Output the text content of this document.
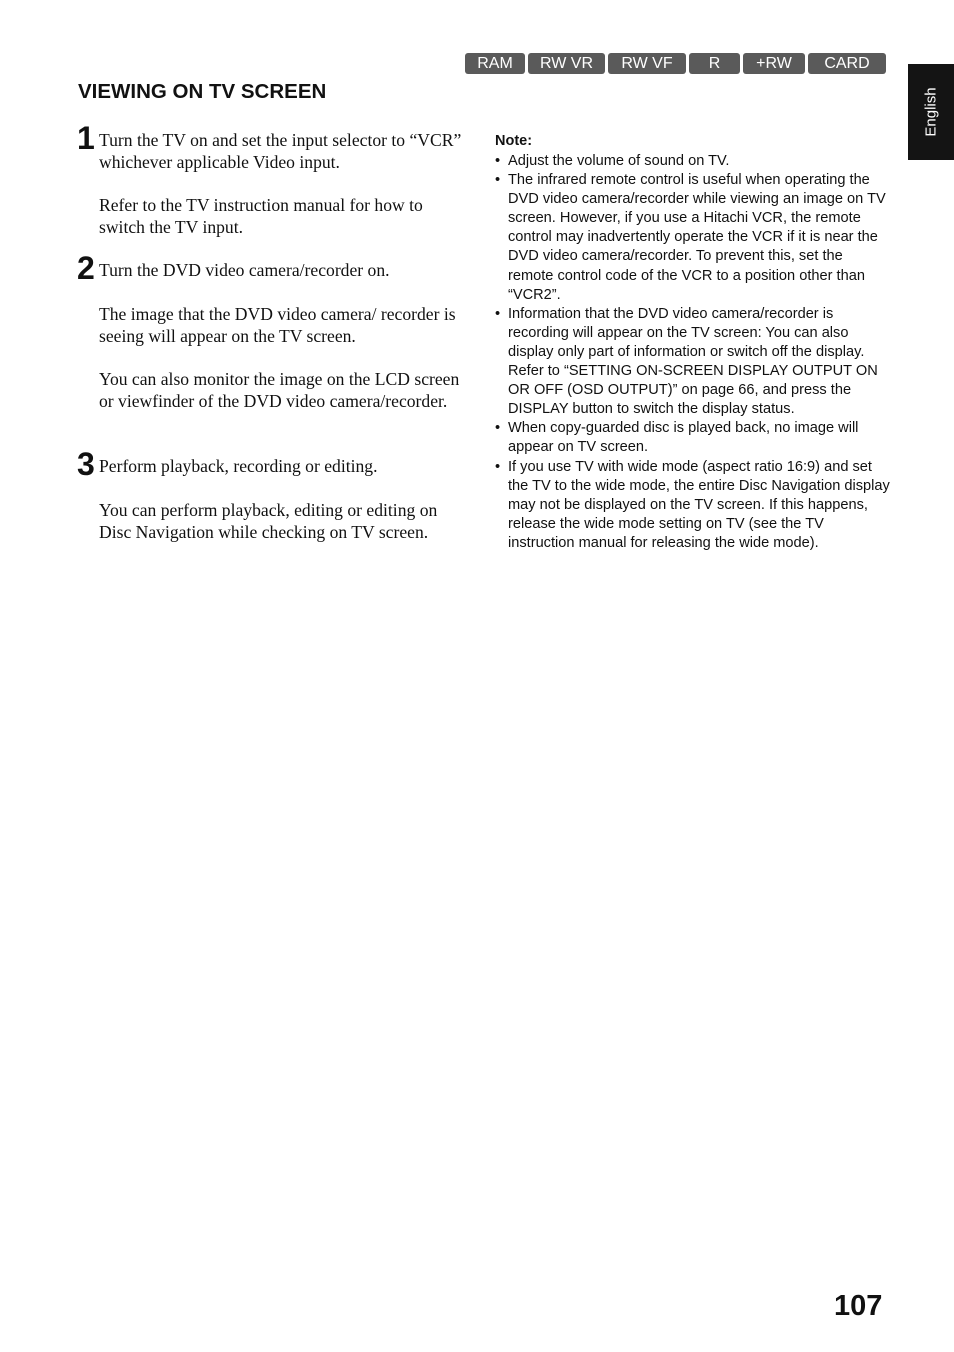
RAM	RW VR	RW VF	R	+RW	CARD
English
VIEWING ON TV SCREEN
1 Turn the TV on and set the input selector to “VCR” whichever applicable Video input.

Refer to the TV instruction manual for how to switch the TV input.

2 Turn the DVD video camera/recorder on.

The image that the DVD video camera/ recorder is seeing will appear on the TV screen.

You can also monitor the image on the LCD screen or viewfinder of the DVD video camera/recorder.

3 Perform playback, recording or editing.

You can perform playback, editing or editing on Disc Navigation while checking on TV screen.

Note:
• Adjust the volume of sound on TV.
• The infrared remote control is useful when operating the DVD video camera/recorder while viewing an image on TV screen. However, if you use a Hitachi VCR, the remote control may inadvertently operate the VCR if it is near the DVD video camera/recorder. To prevent this, set the remote control code of the VCR to a position other than “VCR2”.
• Information that the DVD video camera/recorder is recording will appear on the TV screen: You can also display only part of information or switch off the display. Refer to “SETTING ON-SCREEN DISPLAY OUTPUT ON OR OFF (OSD OUTPUT)” on page 66, and press the DISPLAY button to switch the display status.
• When copy-guarded disc is played back, no image will appear on TV screen.
• If you use TV with wide mode (aspect ratio 16:9) and set the TV to the wide mode, the entire Disc Navigation display may not be displayed on the TV screen. If this happens, release the wide mode setting on TV (see the TV instruction manual for releasing the wide mode).
107
